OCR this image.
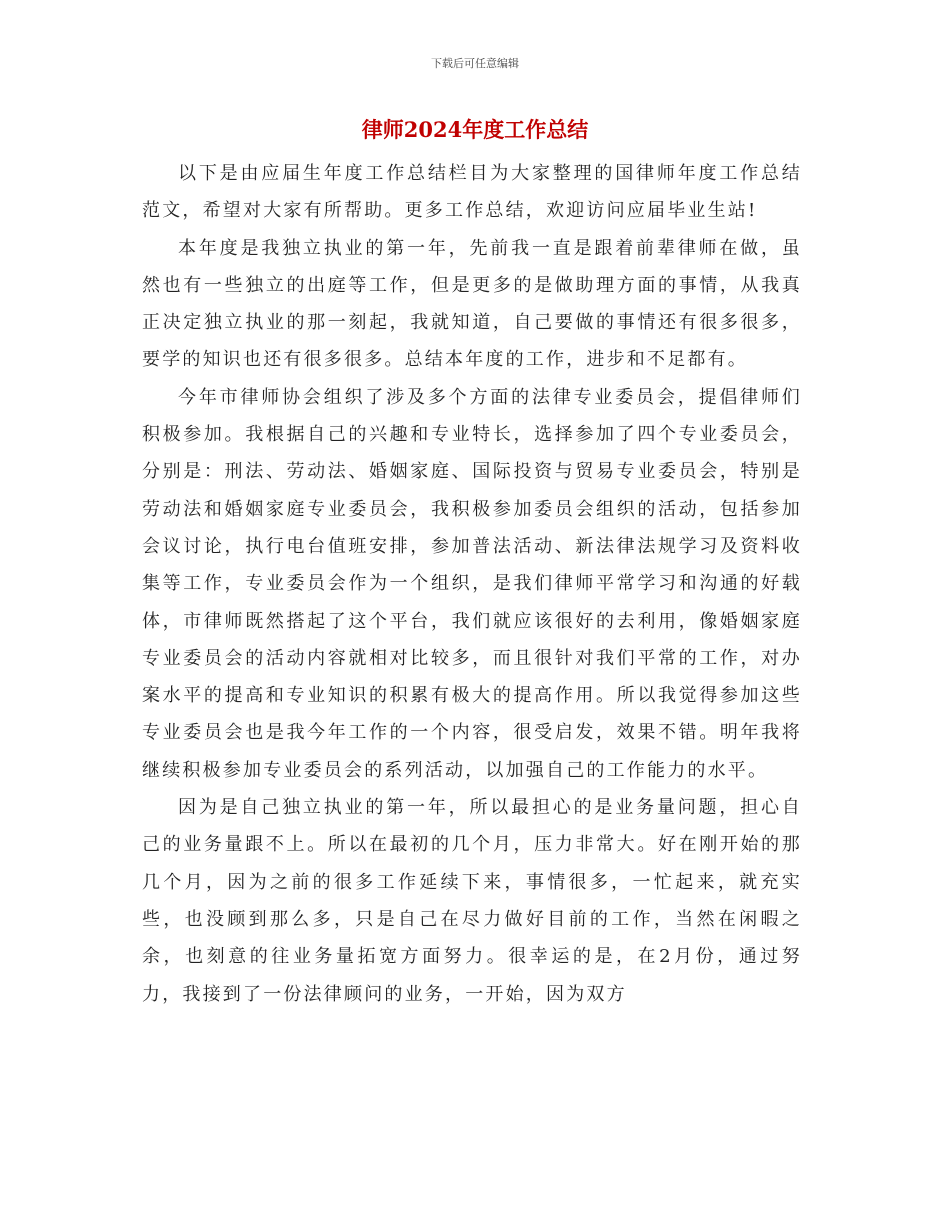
下载后可任意编辑
律师2024年度工作总结

以下是由应届生年度工作总结栏目为大家整理的国律师年度工作总结范文，希望对大家有所帮助。更多工作总结，欢迎访问应届毕业生站!

本年度是我独立执业的第一年，先前我一直是跟着前辈律师在做，虽然也有一些独立的出庭等工作，但是更多的是做助理方面的事情，从我真正决定独立执业的那一刻起，我就知道，自己要做的事情还有很多很多，要学的知识也还有很多很多。总结本年度的工作，进步和不足都有。

今年市律师协会组织了涉及多个方面的法律专业委员会，提倡律师们积极参加。我根据自己的兴趣和专业特长，选择参加了四个专业委员会，分别是：刑法、劳动法、婚姻家庭、国际投资与贸易专业委员会，特别是劳动法和婚姻家庭专业委员会，我积极参加委员会组织的活动，包括参加会议讨论，执行电台值班安排，参加普法活动、新法律法规学习及资料收集等工作，专业委员会作为一个组织，是我们律师平常学习和沟通的好载体，市律师既然搭起了这个平台，我们就应该很好的去利用，像婚姻家庭专业委员会的活动内容就相对比较多，而且很针对我们平常的工作，对办案水平的提高和专业知识的积累有极大的提高作用。所以我觉得参加这些专业委员会也是我今年工作的一个内容，很受启发，效果不错。明年我将继续积极参加专业委员会的系列活动，以加强自己的工作能力的水平。

因为是自己独立执业的第一年，所以最担心的是业务量问题，担心自己的业务量跟不上。所以在最初的几个月，压力非常大。好在刚开始的那几个月，因为之前的很多工作延续下来，事情很多，一忙起来，就充实些，也没顾到那么多，只是自己在尽力做好目前的工作，当然在闲暇之余，也刻意的往业务量拓宽方面努力。很幸运的是，在2月份，通过努力，我接到了一份法律顾问的业务，一开始，因为双方
